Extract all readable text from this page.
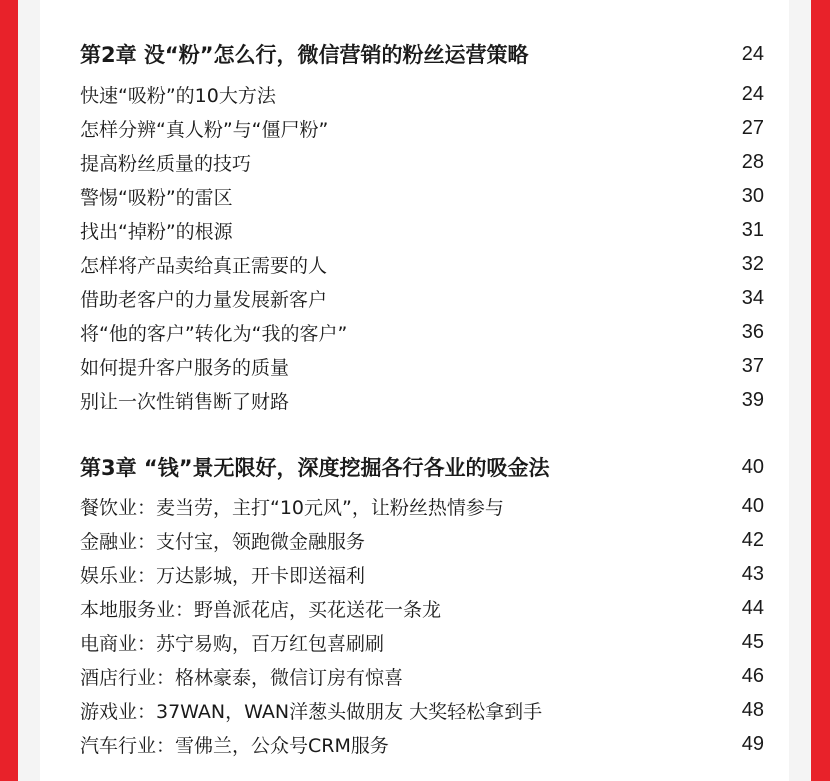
第2章 没“粉”怎么行，微信营销的粉丝运营策略	24
快速“吸粉”的10大方法	24
怎样分辨“真人粉”与“僵尸粉”	27
提高粉丝质量的技巧	28
警惕“吸粉”的雷区	30
找出“掉粉”的根源	31
怎样将产品卖给真正需要的人	32
借助老客户的力量发展新客户	34
将“他的客户”转化为“我的客户”	36
如何提升客户服务的质量	37
别让一次性销售断了财路	39
第3章 “钱”景无限好，深度挖掘各行各业的吸金法	40
餐饮业：麦当劳，主打“10元风”，让粉丝热情参与	40
金融业：支付宝，领跑微金融服务	42
娱乐业：万达影城，开卡即送福利	43
本地服务业：野兽派花店，买花送花一条龙	44
电商业：苏宁易购，百万红包喜刷刷	45
酒店行业：格林豪泰，微信订房有惊喜	46
游戏业：37WAN，WAN洋葱头做朋友 大奖轻松拿到手	48
汽车行业：雪佛兰，公众号CRM服务	49
